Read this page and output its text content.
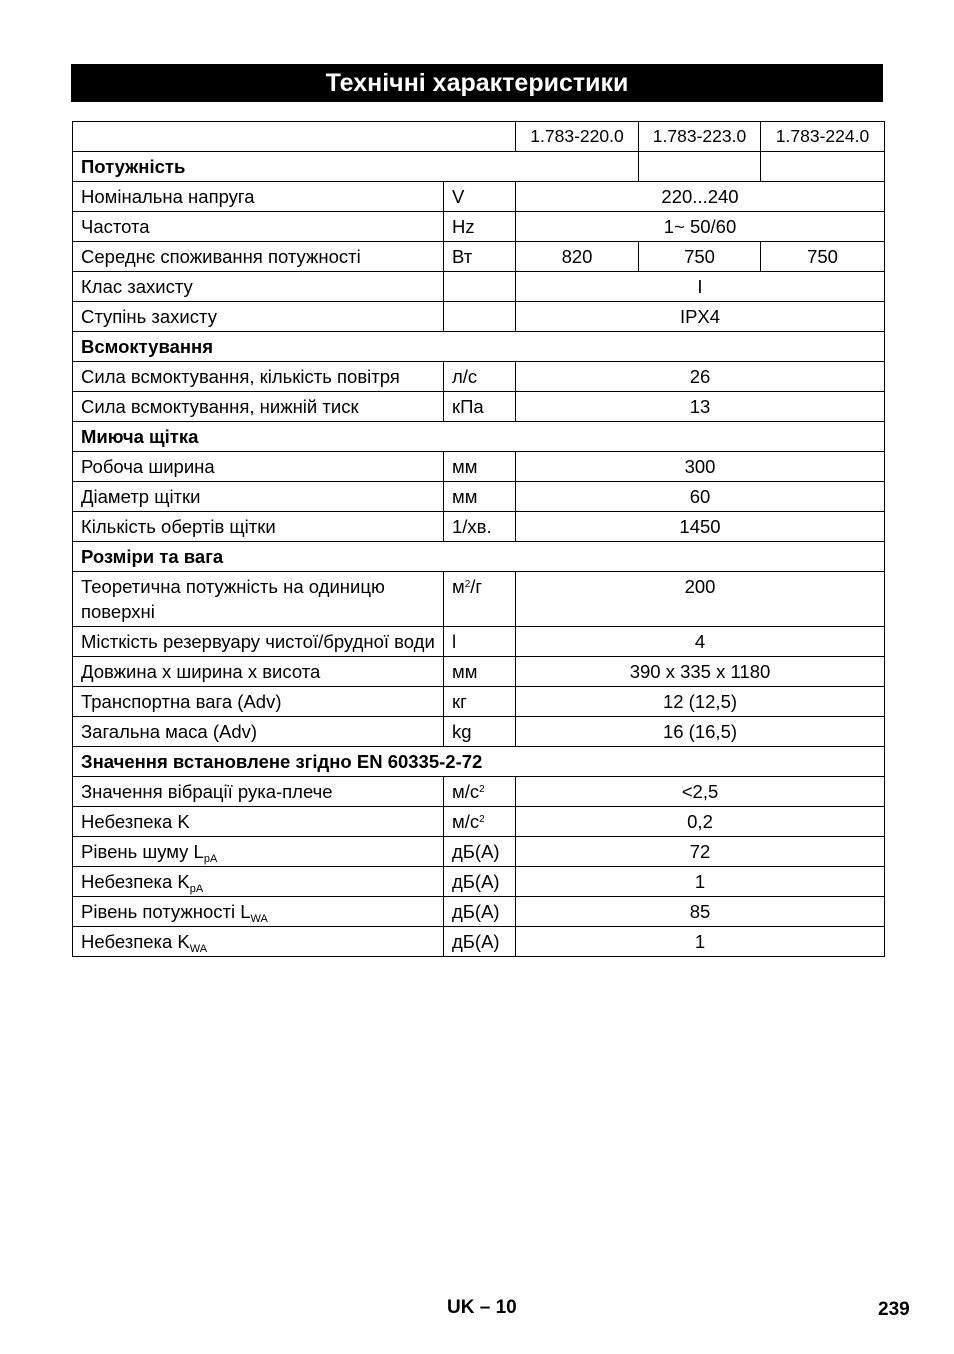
Технічні характеристики
		1.783-220.0	1.783-223.0	1.783-224.0
Потужність				
Номінальна напруга	V	220...240		
Частота	Hz	1~ 50/60		
Середнє споживання потужності	Вт	820	750	750
Клас захисту		I		
Ступінь захисту		IPX4		
Всмоктування				
Сила всмоктування, кількість повітря	л/с	26		
Сила всмоктування, нижній тиск	кПа	13		
Миюча щітка				
Робоча ширина	мм	300		
Діаметр щітки	мм	60		
Кількість обертів щітки	1/хв.	1450		
Розміри та вага				
Теоретична потужність на одиницю поверхні	$м^2/г$	200		
Місткість резервуару чистої/брудної води	l	4		
Довжина x ширина x висота	мм	390 x 335 x 1180		
Транспортна вага (Adv)	кг	12 (12,5)		
Загальна маса (Adv)	kg	16 (16,5)		
Значення встановлене згідно EN 60335-2-72				
Значення вібрації рука-плече	$м/с^2$	<2,5		
Небезпека K	$м/с^2$	0,2		
Рівень шуму $L_{pA}$	дБ(A)	72		
Небезпека $K_{pA}$	дБ(A)	1		
Рівень потужності $L_{WA}$	дБ(A)	85		
Небезпека $K_{WA}$	дБ(A)	1		
UK – 10	239
